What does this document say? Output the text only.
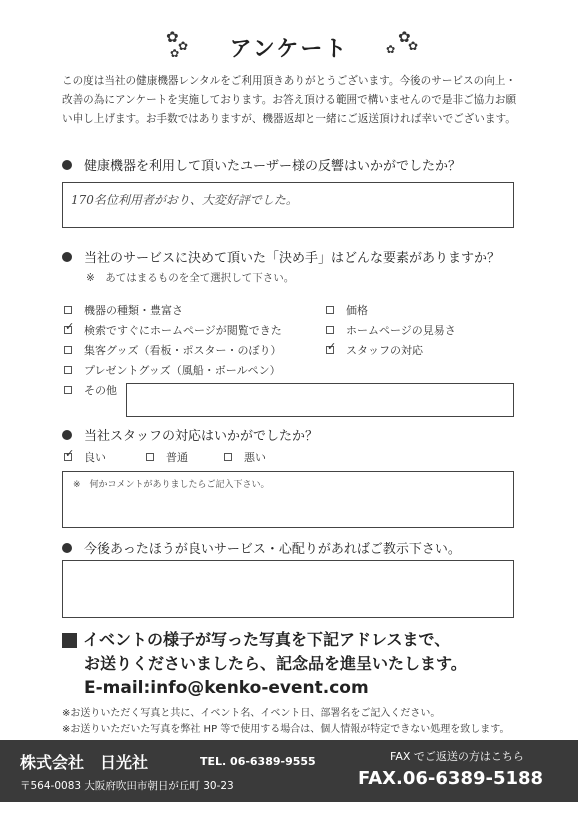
✿ ✿
✿	アンケート	✿
✿
✿
この度は当社の健康機器レンタルをご利用頂きありがとうございます。今後のサービスの向上・改善の為にアンケートを実施しております。お答え頂ける範囲で構いませんので是非ご協力お願い申し上げます。お手数ではありますが、機器返却と一緒にご返送頂ければ幸いでございます。
健康機器を利用して頂いたユーザー様の反響はいかがでしたか？
170名位利用者がおり、大変好評でした。
当社のサービスに決めて頂いた「決め手」はどんな要素がありますか？
※　あてはまるものを全て選択して下さい。
機器の種類・豊富さ
✓ 検索ですぐにホームページが閲覧できた
集客グッズ（看板・ポスター・のぼり）
プレゼントグッズ（風船・ボールペン）
その他
価格
ホームページの見易さ
✓ スタッフの対応
当社スタッフの対応はいかがでしたか？
✓ 良い	普通	悪い
※　何かコメントがありましたらご記入下さい。
今後あったほうが良いサービス・心配りがあればご教示下さい。
イベントの様子が写った写真を下記アドレスまで、
お送りくださいましたら、記念品を進呈いたします。
E-mail:info@kenko-event.com
※お送りいただく写真と共に、イベント名、イベント日、部署名をご記入ください。
※お送りいただいた写真を弊社 HP 等で使用する場合は、個人情報が特定できない処理を致します。
株式会社　日光社	TEL. 06-6389-9555
〒564-0083 大阪府吹田市朝日が丘町 30-23
FAX でご返送の方はこちら
FAX.06-6389-5188
